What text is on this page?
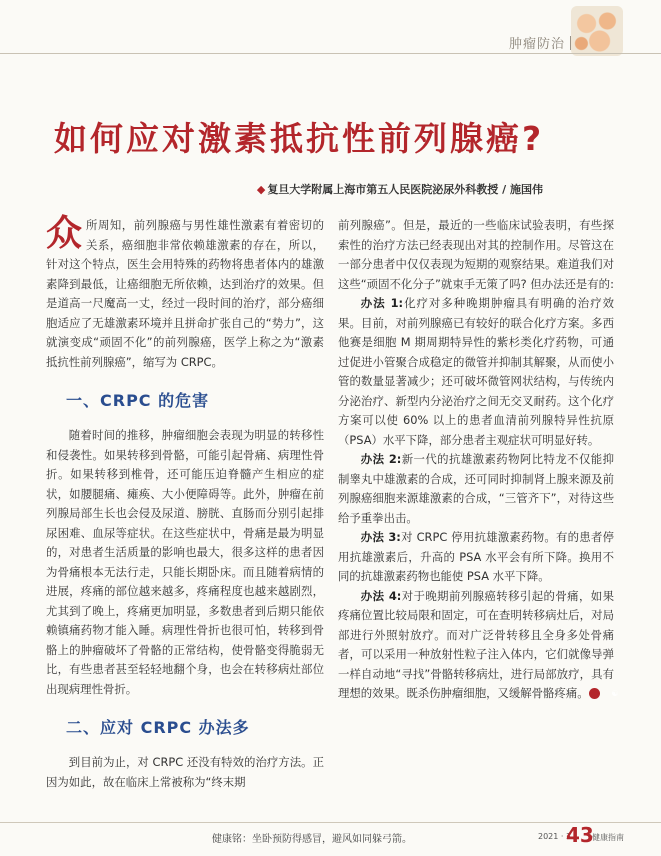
肿瘤防治
如何应对激素抵抗性前列腺癌?
◆ 复旦大学附属上海市第五人民医院泌尿外科教授 / 施国伟

众所周知，前列腺癌与男性雄性激素有着密切的关系，癌细胞非常依赖雄激素的存在，所以，针对这个特点，医生会用特殊的药物将患者体内的雄激素降到最低，让癌细胞无所依赖，达到治疗的效果。但是道高一尺魔高一丈，经过一段时间的治疗，部分癌细胞适应了无雄激素环境并且拼命扩张自己的“势力”，这就演变成“顽固不化”的前列腺癌，医学上称之为“激素抵抗性前列腺癌”，缩写为 CRPC。

一、CRPC 的危害

随着时间的推移，肿瘤细胞会表现为明显的转移性和侵袭性。如果转移到骨骼，可能引起骨痛、病理性骨折。如果转移到椎骨，还可能压迫脊髓产生相应的症状，如腰腿痛、瘫痪、大小便障碍等。此外，肿瘤在前列腺局部生长也会侵及尿道、膀胱、直肠而分别引起排尿困难、血尿等症状。在这些症状中，骨痛是最为明显的，对患者生活质量的影响也最大，很多这样的患者因为骨痛根本无法行走，只能长期卧床。而且随着病情的进展，疼痛的部位越来越多，疼痛程度也越来越剧烈，尤其到了晚上，疼痛更加明显，多数患者到后期只能依赖镇痛药物才能入睡。病理性骨折也很可怕，转移到骨骼上的肿瘤破坏了骨骼的正常结构，使骨骼变得脆弱无比，有些患者甚至轻轻地翻个身，也会在转移病灶部位出现病理性骨折。

二、应对 CRPC 办法多

到目前为止，对 CRPC 还没有特效的治疗方法。正因为如此，故在临床上常被称为“终末期

前列腺癌”。但是，最近的一些临床试验表明，有些探索性的治疗方法已经表现出对其的控制作用。尽管这在一部分患者中仅仅表现为短期的观察结果。难道我们对这些“顽固不化分子”就束手无策了吗? 但办法还是有的:

办法 1:化疗对多种晚期肿瘤具有明确的治疗效果。目前，对前列腺癌已有较好的联合化疗方案。多西他赛是细胞 M 期周期特异性的紫杉类化疗药物，可通过促进小管聚合成稳定的微管并抑制其解聚，从而使小管的数量显著减少；还可破坏微管网状结构，与传统内分泌治疗、新型内分泌治疗之间无交叉耐药。这个化疗方案可以使 60% 以上的患者血清前列腺特异性抗原（PSA）水平下降，部分患者主观症状可明显好转。

办法 2:新一代的抗雄激素药物阿比特龙不仅能抑制睾丸中雄激素的合成，还可同时抑制肾上腺来源及前列腺癌细胞来源雄激素的合成，“三管齐下”，对待这些给予重拳出击。

办法 3:对 CRPC 停用抗雄激素药物。有的患者停用抗雄激素后，升高的 PSA 水平会有所下降。换用不同的抗雄激素药物也能使 PSA 水平下降。

办法 4:对于晚期前列腺癌转移引起的骨痛，如果疼痛位置比较局限和固定，可在查明转移病灶后，对局部进行外照射放疗。而对广泛骨转移且全身多处骨痛者，可以采用一种放射性粒子注入体内，它们就像导弹一样自动地“寻找”骨骼转移病灶，进行局部放疗，具有理想的效果。既杀伤肿瘤细胞，又缓解骨骼疼痛。	☯

健康铭：坐卧预防得感冒，避风如同躲弓箭。	2021 · 3
43
健康指南
